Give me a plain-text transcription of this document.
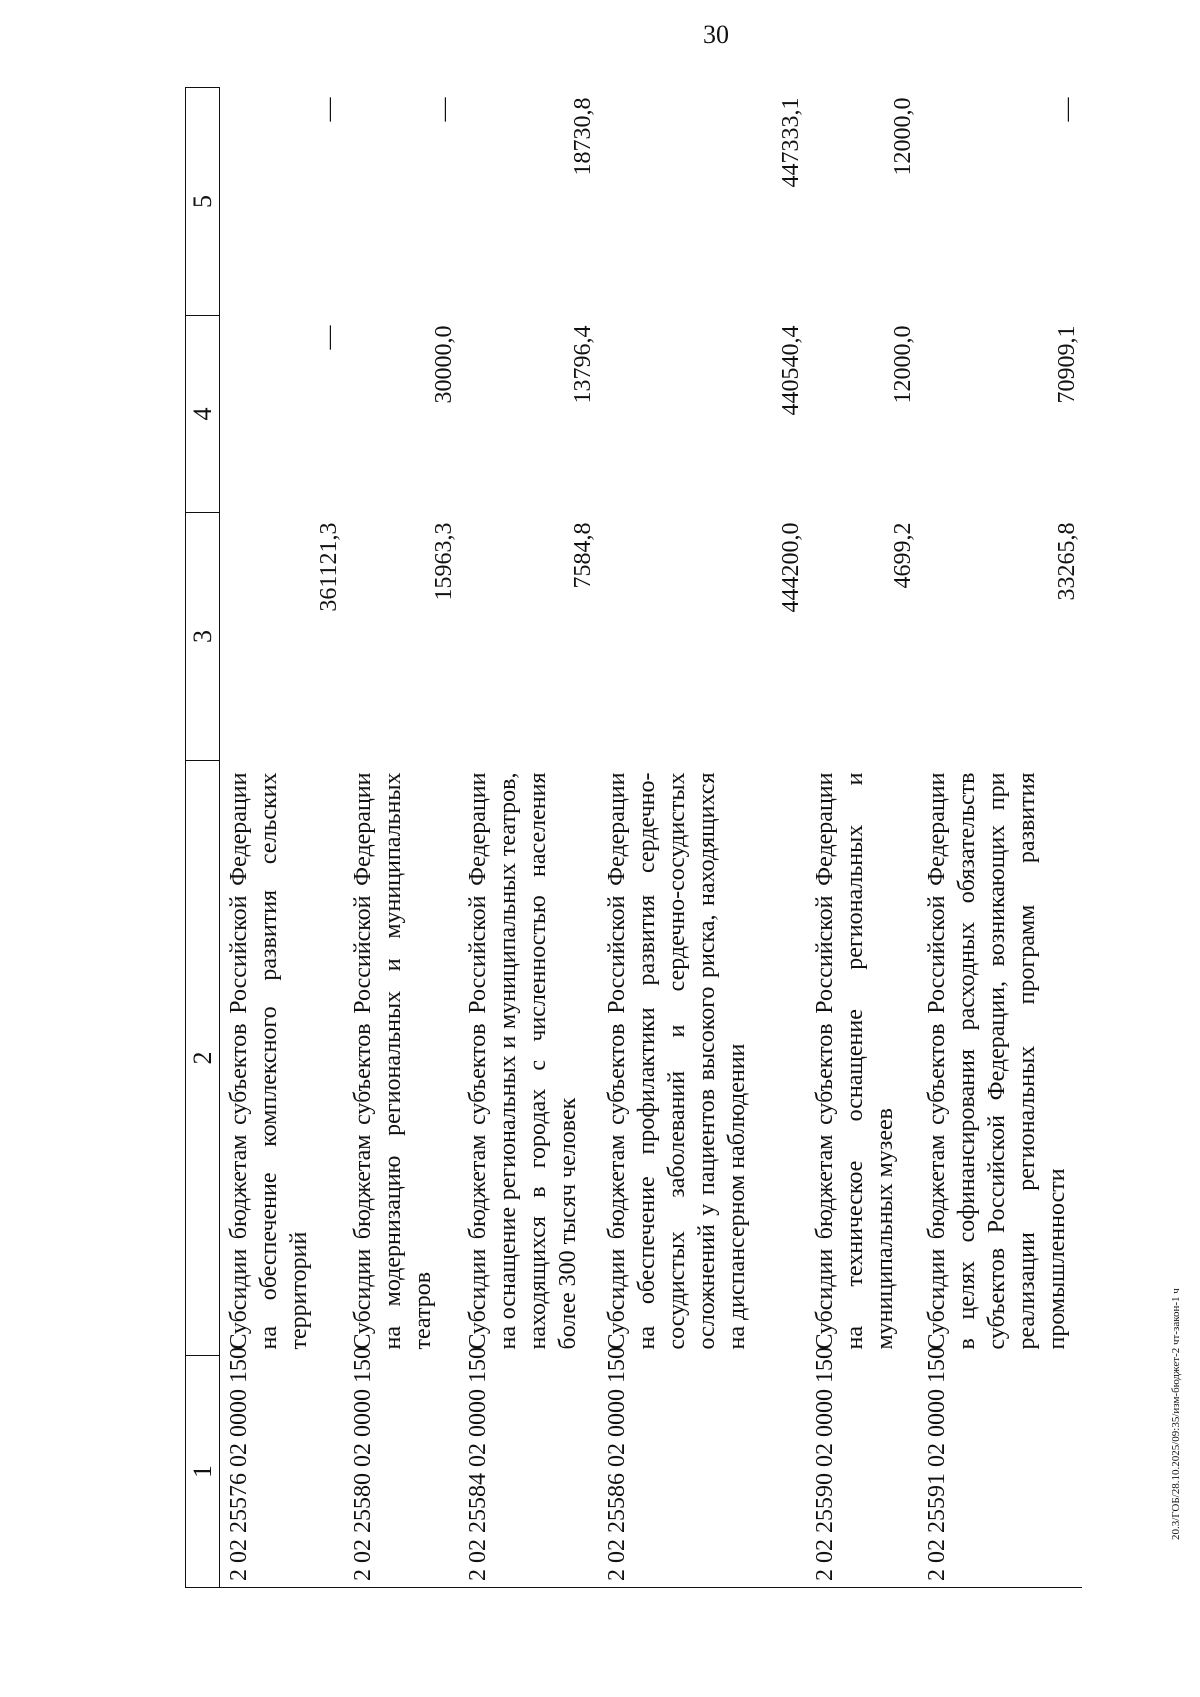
30
20.3/ГОБ/28.10.2025/09:35/изм-бюджет-2 чт-закон-1 ч
1	2	3	4	5
2 02 25576 02 0000 150	Субсидии бюджетам субъектов Российской Федерации на обеспечение комплексного развития сельских территорий	361121,3	—	—
2 02 25580 02 0000 150	Субсидии бюджетам субъектов Российской Федерации на модернизацию региональных и муниципальных театров	15963,3	30000,0	—
2 02 25584 02 0000 150	Субсидии бюджетам субъектов Российской Федерации на оснащение региональных и муниципальных театров, находящихся в городах с численностью населения более 300 тысяч человек	7584,8	13796,4	18730,8
2 02 25586 02 0000 150	Субсидии бюджетам субъектов Российской Федерации на обеспечение профилактики развития сердечно-сосудистых заболеваний и сердечно-сосудистых осложнений у пациентов высокого риска, находящихся на диспансерном наблюдении	444200,0	440540,4	447333,1
2 02 25590 02 0000 150	Субсидии бюджетам субъектов Российской Федерации на техническое оснащение региональных и муниципальных музеев	4699,2	12000,0	12000,0
2 02 25591 02 0000 150	Субсидии бюджетам субъектов Российской Федерации в целях софинансирования расходных обязательств субъектов Российской Федерации, возникающих при реализации региональных программ развития промышленности	33265,8	70909,1	—
